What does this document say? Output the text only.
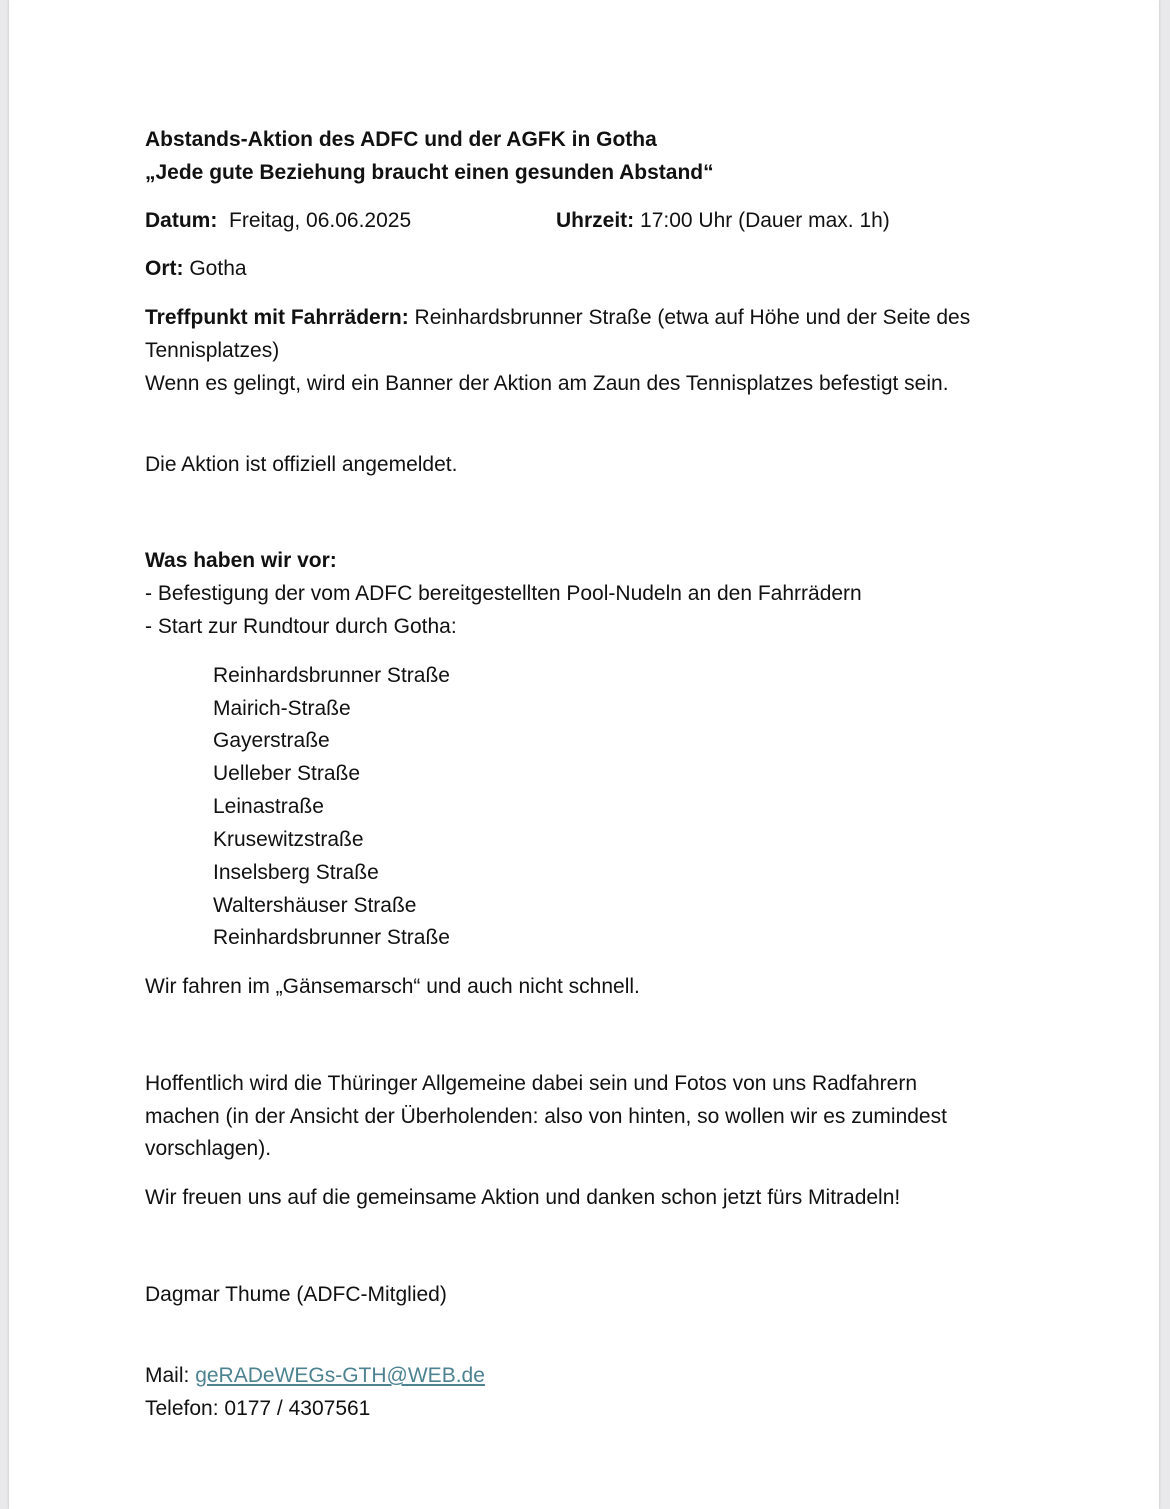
Abstands-Aktion des ADFC und der AGFK in Gotha
„Jede gute Beziehung braucht einen gesunden Abstand“
Datum: Freitag, 06.06.2025	Uhrzeit: 17:00 Uhr (Dauer max. 1h)
Ort: Gotha
Treffpunkt mit Fahrrädern: Reinhardsbrunner Straße (etwa auf Höhe und der Seite des
Tennisplatzes)
Wenn es gelingt, wird ein Banner der Aktion am Zaun des Tennisplatzes befestigt sein.
Die Aktion ist offiziell angemeldet.
Was haben wir vor:
- Befestigung der vom ADFC bereitgestellten Pool-Nudeln an den Fahrrädern
- Start zur Rundtour durch Gotha:
Reinhardsbrunner Straße
Mairich-Straße
Gayerstraße
Uelleber Straße
Leinastraße
Krusewitzstraße
Inselsberg Straße
Waltershäuser Straße
Reinhardsbrunner Straße
Wir fahren im „Gänsemarsch“ und auch nicht schnell.
Hoffentlich wird die Thüringer Allgemeine dabei sein und Fotos von uns Radfahrern
machen (in der Ansicht der Überholenden: also von hinten, so wollen wir es zumindest
vorschlagen).
Wir freuen uns auf die gemeinsame Aktion und danken schon jetzt fürs Mitradeln!
Dagmar Thume (ADFC-Mitglied)
Mail: geRADeWEGs-GTH@WEB.de
Telefon: 0177 / 4307561
